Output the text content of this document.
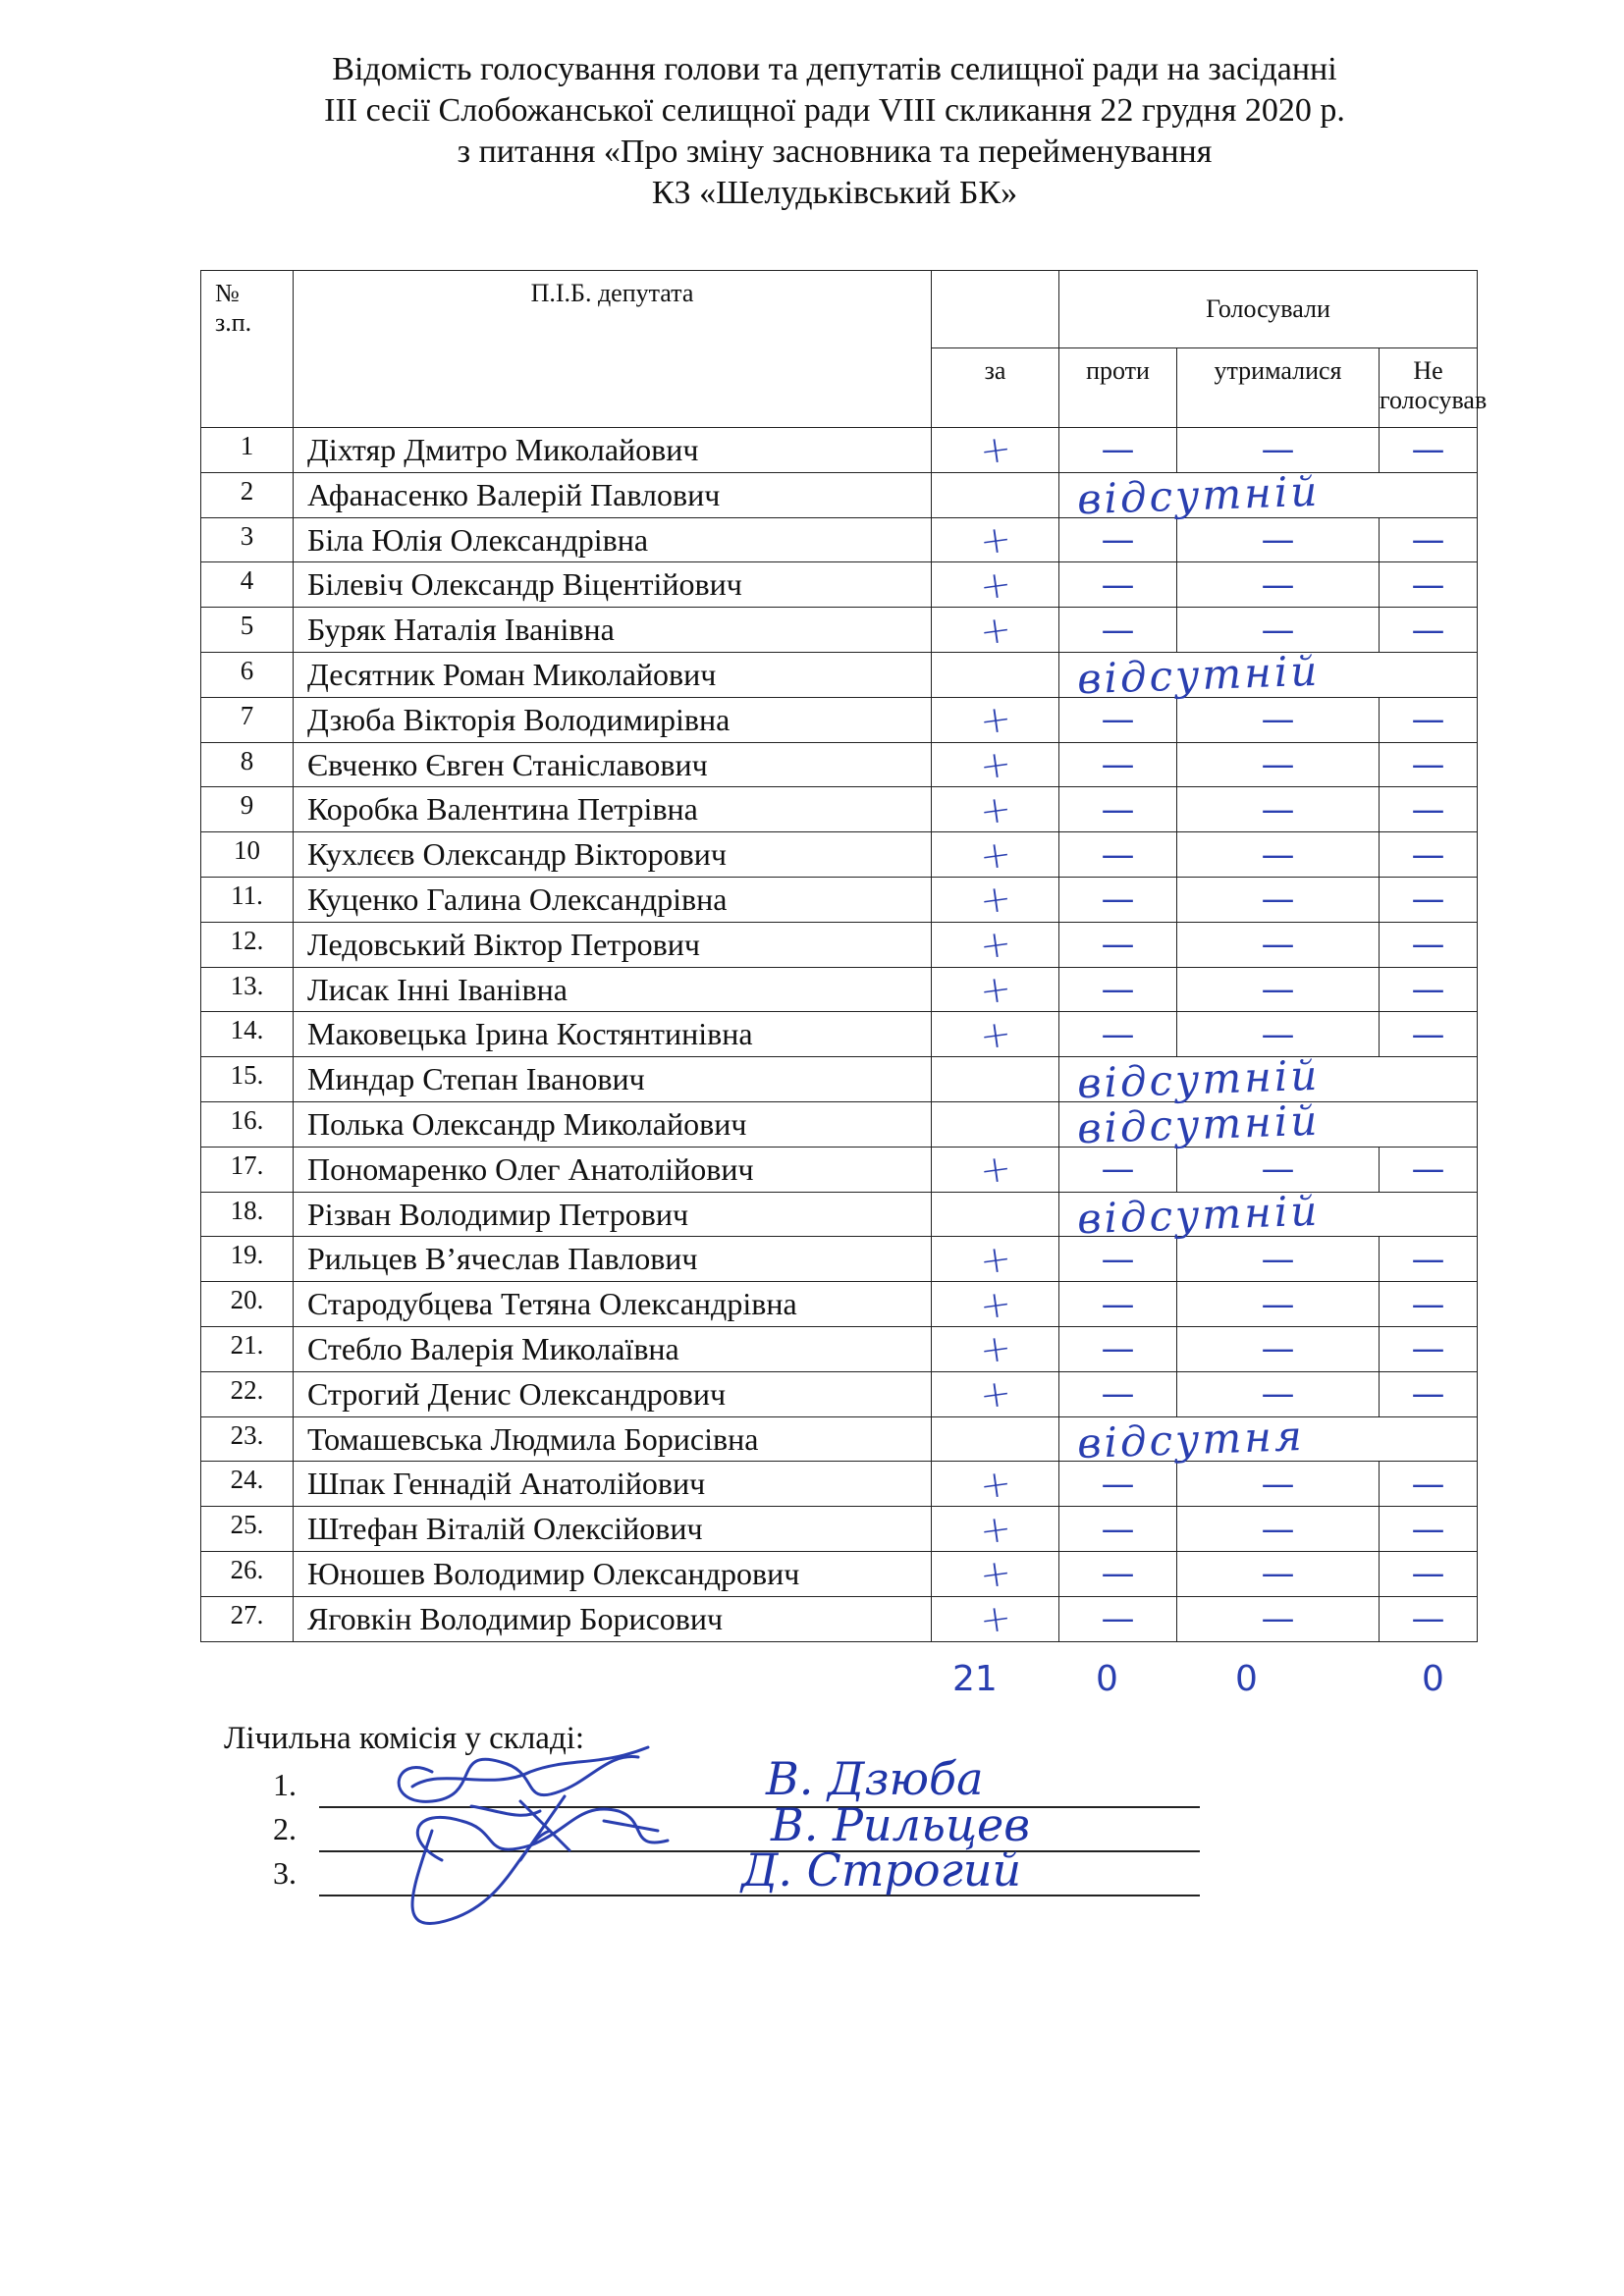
Відомість голосування голови та депутатів селищної ради на засіданні
ІІІ сесії Слобожанської селищної ради VIII скликання 22 грудня 2020 р.
з питання «Про зміну засновника та перейменування
КЗ «Шелудьківський БК»
№
з.п.	П.І.Б. депутата		Голосували			
		за	проти	утрималися	Не
голосував	
1	Діхтяр Дмитро Миколайович	+	—	—	—	
2	Афанасенко Валерій Павлович		відсутній			

3	Біла Юлія Олександрівна	+	—	—	—	
4	Білевіч Олександр Віцентійович	+	—	—	—	
5	Буряк Наталія Іванівна	+	—	—	—	
6	Десятник Роман Миколайович		відсутній			

7	Дзюба Вікторія Володимирівна	+	—	—	—	
8	Євченко Євген Станіславович	+	—	—	—	
9	Коробка Валентина Петрівна	+	—	—	—	
10	Кухлєєв Олександр Вікторович	+	—	—	—	
11.	Куценко Галина Олександрівна	+	—	—	—	
12.	Ледовський Віктор Петрович	+	—	—	—	
13.	Лисак Інні Іванівна	+	—	—	—	
14.	Маковецька Ірина Костянтинівна	+	—	—	—	
15.	Миндар Степан Іванович		відсутній			

16.	Полька Олександр Миколайович		відсутній			

17.	Пономаренко Олег Анатолійович	+	—	—	—	
18.	Різван Володимир Петрович		відсутній			

19.	Рильцев В’ячеслав Павлович	+	—	—	—	
20.	Стародубцева Тетяна Олександрівна	+	—	—	—	
21.	Стебло Валерія Миколаївна	+	—	—	—	
22.	Строгий Денис Олександрович	+	—	—	—	
23.	Томашевська Людмила Борисівна		відсутня			

24.	Шпак Геннадій Анатолійович	+	—	—	—	
25.	Штефан Віталій Олексійович	+	—	—	—	
26.	Юношев Володимир Олександрович	+	—	—	—	
27.	Яговкін Володимир Борисович	+	—	—	—	
21	0	0	0
Лічильна комісія у складі:
1.	В. Дзюба
2.	В. Рильцев
3.	Д. Строгий
